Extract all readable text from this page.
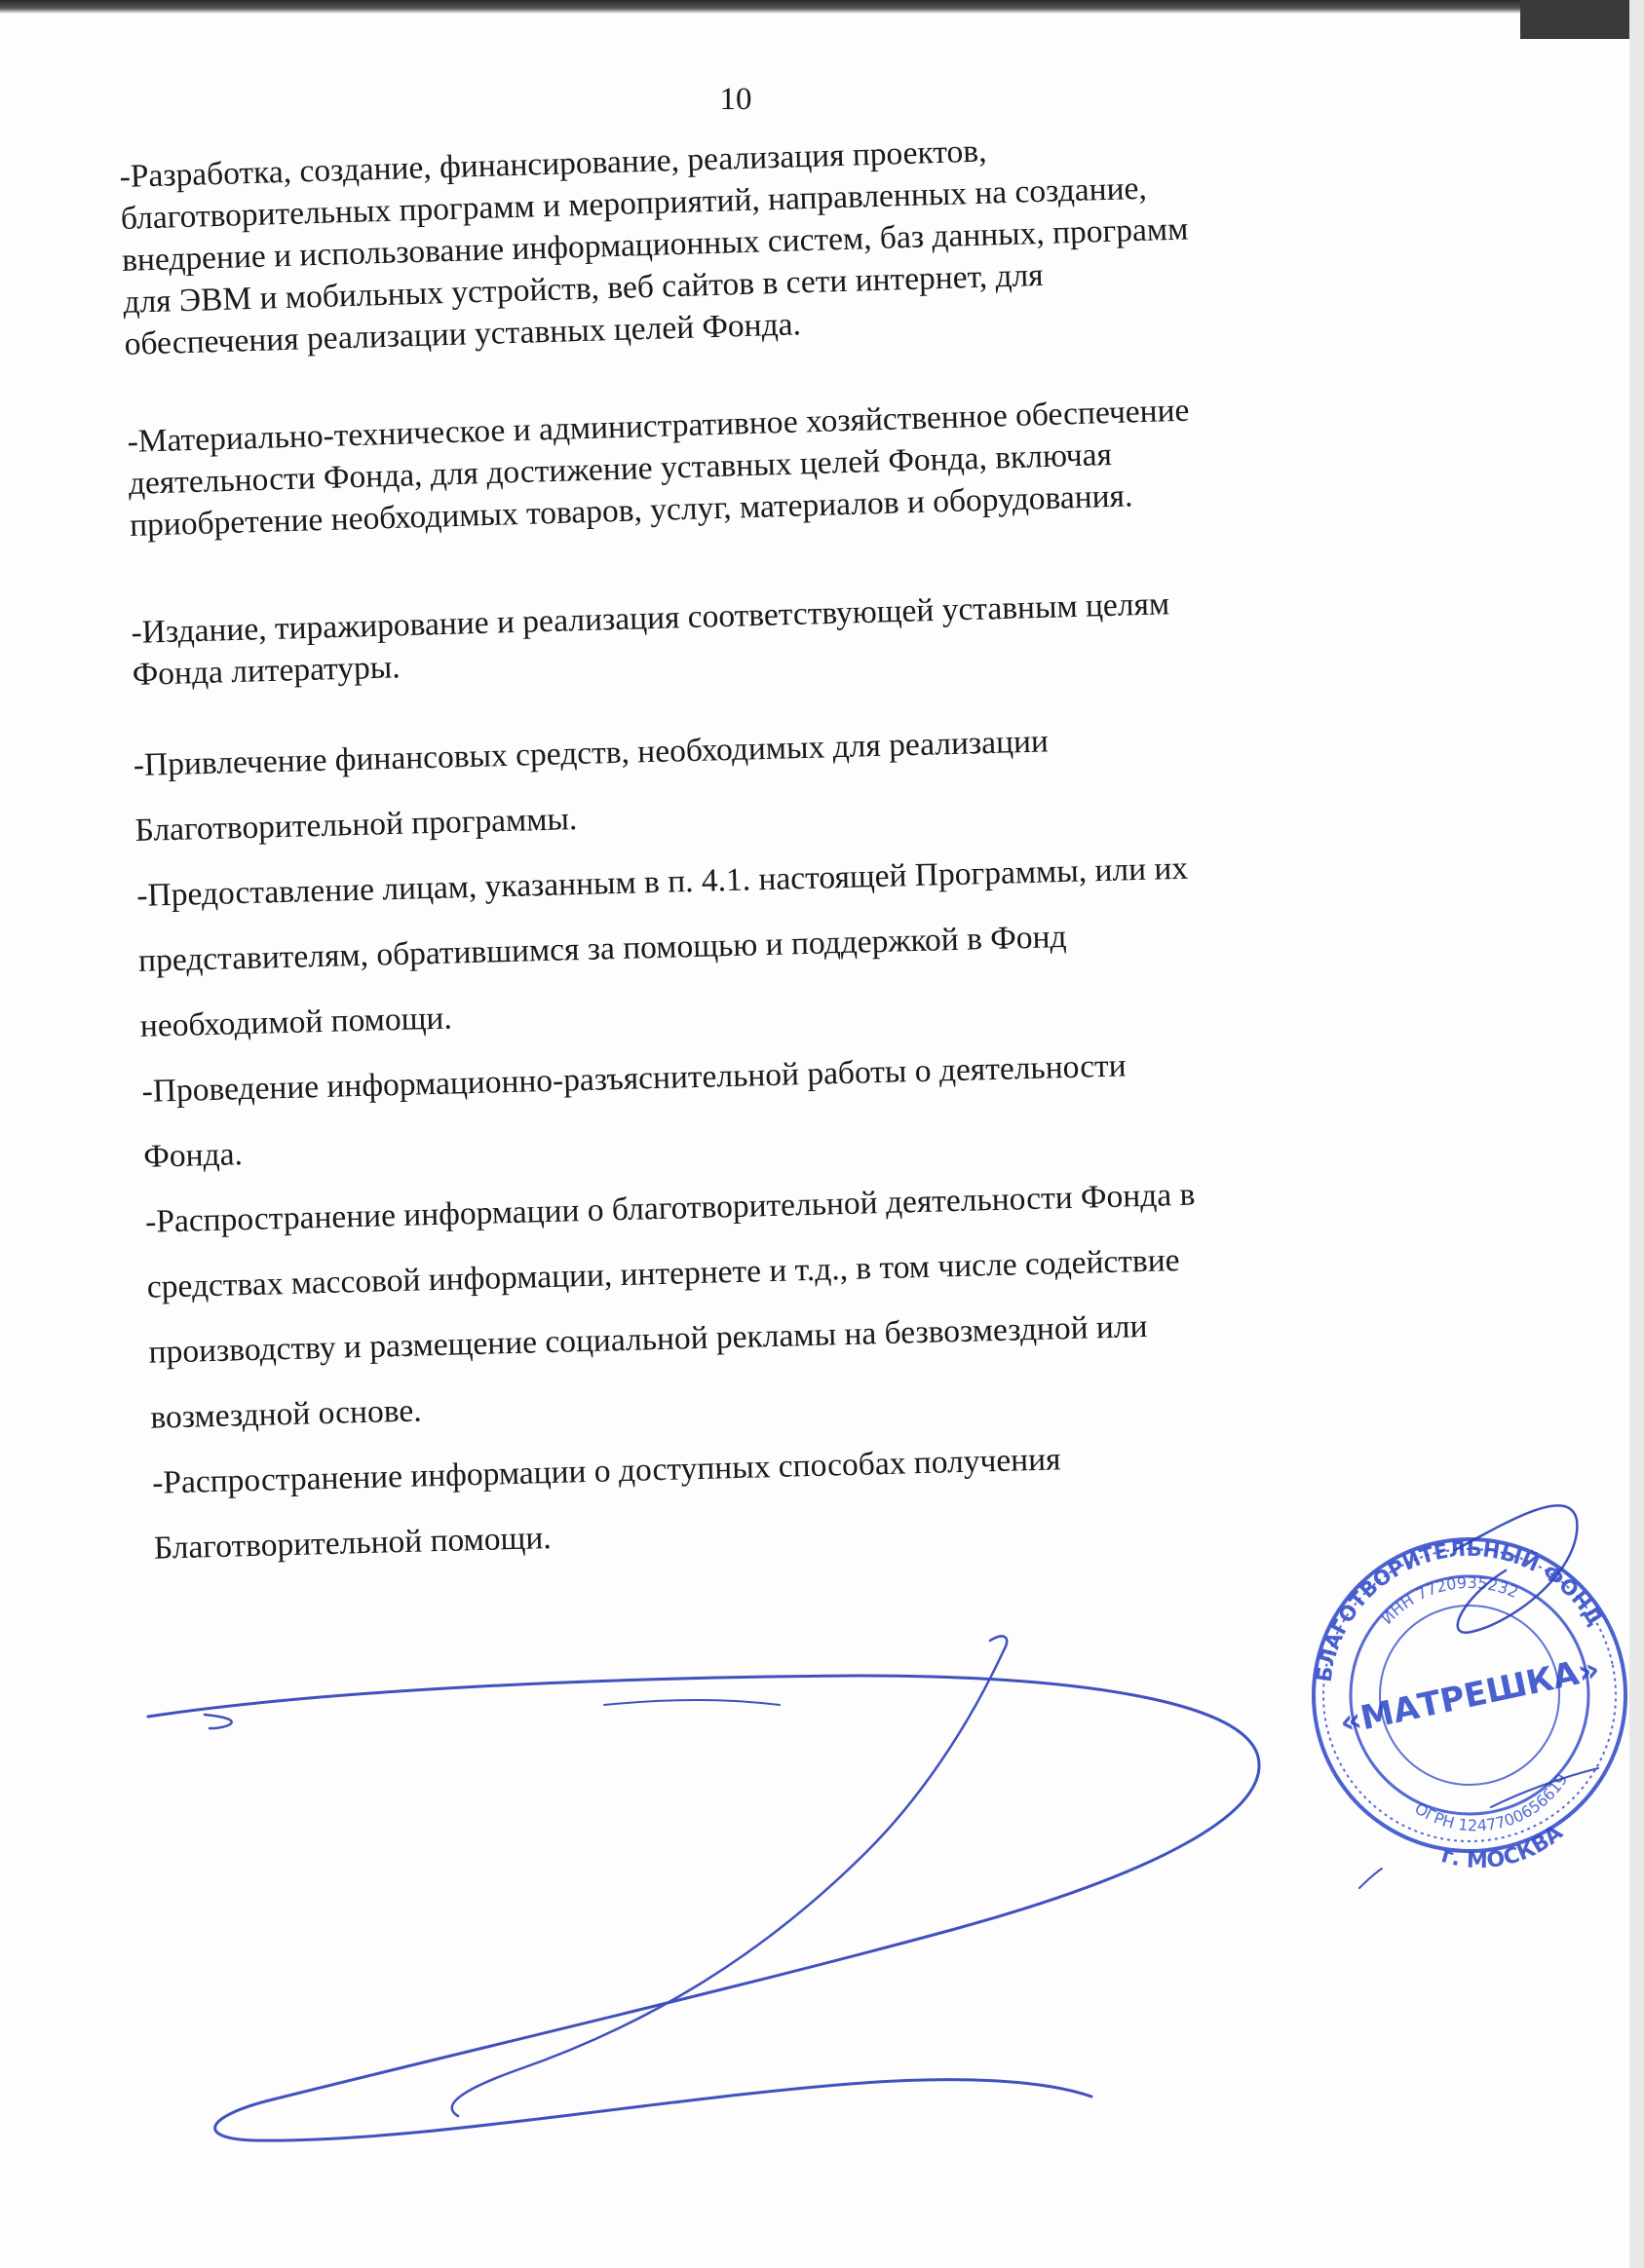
10
-Разработка, создание, финансирование, реализация проектов,
благотворительных программ и мероприятий, направленных на создание,
внедрение и использование информационных систем, баз данных, программ
для ЭВМ и мобильных устройств, веб сайтов в сети интернет, для
обеспечения реализации уставных целей Фонда.
-Материально-техническое и административное хозяйственное обеспечение
деятельности Фонда, для достижение уставных целей Фонда, включая
приобретение необходимых товаров, услуг, материалов и оборудования.
-Издание, тиражирование и реализация соответствующей уставным целям
Фонда литературы.

-Привлечение финансовых средств, необходимых для реализации
Благотворительной программы.

-Предоставление лицам, указанным в п. 4.1. настоящей Программы, или их
представителям, обратившимся за помощью и поддержкой в Фонд
необходимой помощи.

-Проведение информационно-разъяснительной работы о деятельности
Фонда.

-Распространение информации о благотворительной деятельности Фонда в
средствах массовой информации, интернете и т.д., в том числе содействие
производству и размещение социальной рекламы на безвозмездной или
возмездной основе.

-Распространение информации о доступных способах получения
Благотворительной помощи.

БЛАГОТВОРИТЕЛЬНЫЙ ФОНД
ИНН 7720935232
«МАТРЕШКА»
ОГРН 1247700656619
г. МОСКВА
